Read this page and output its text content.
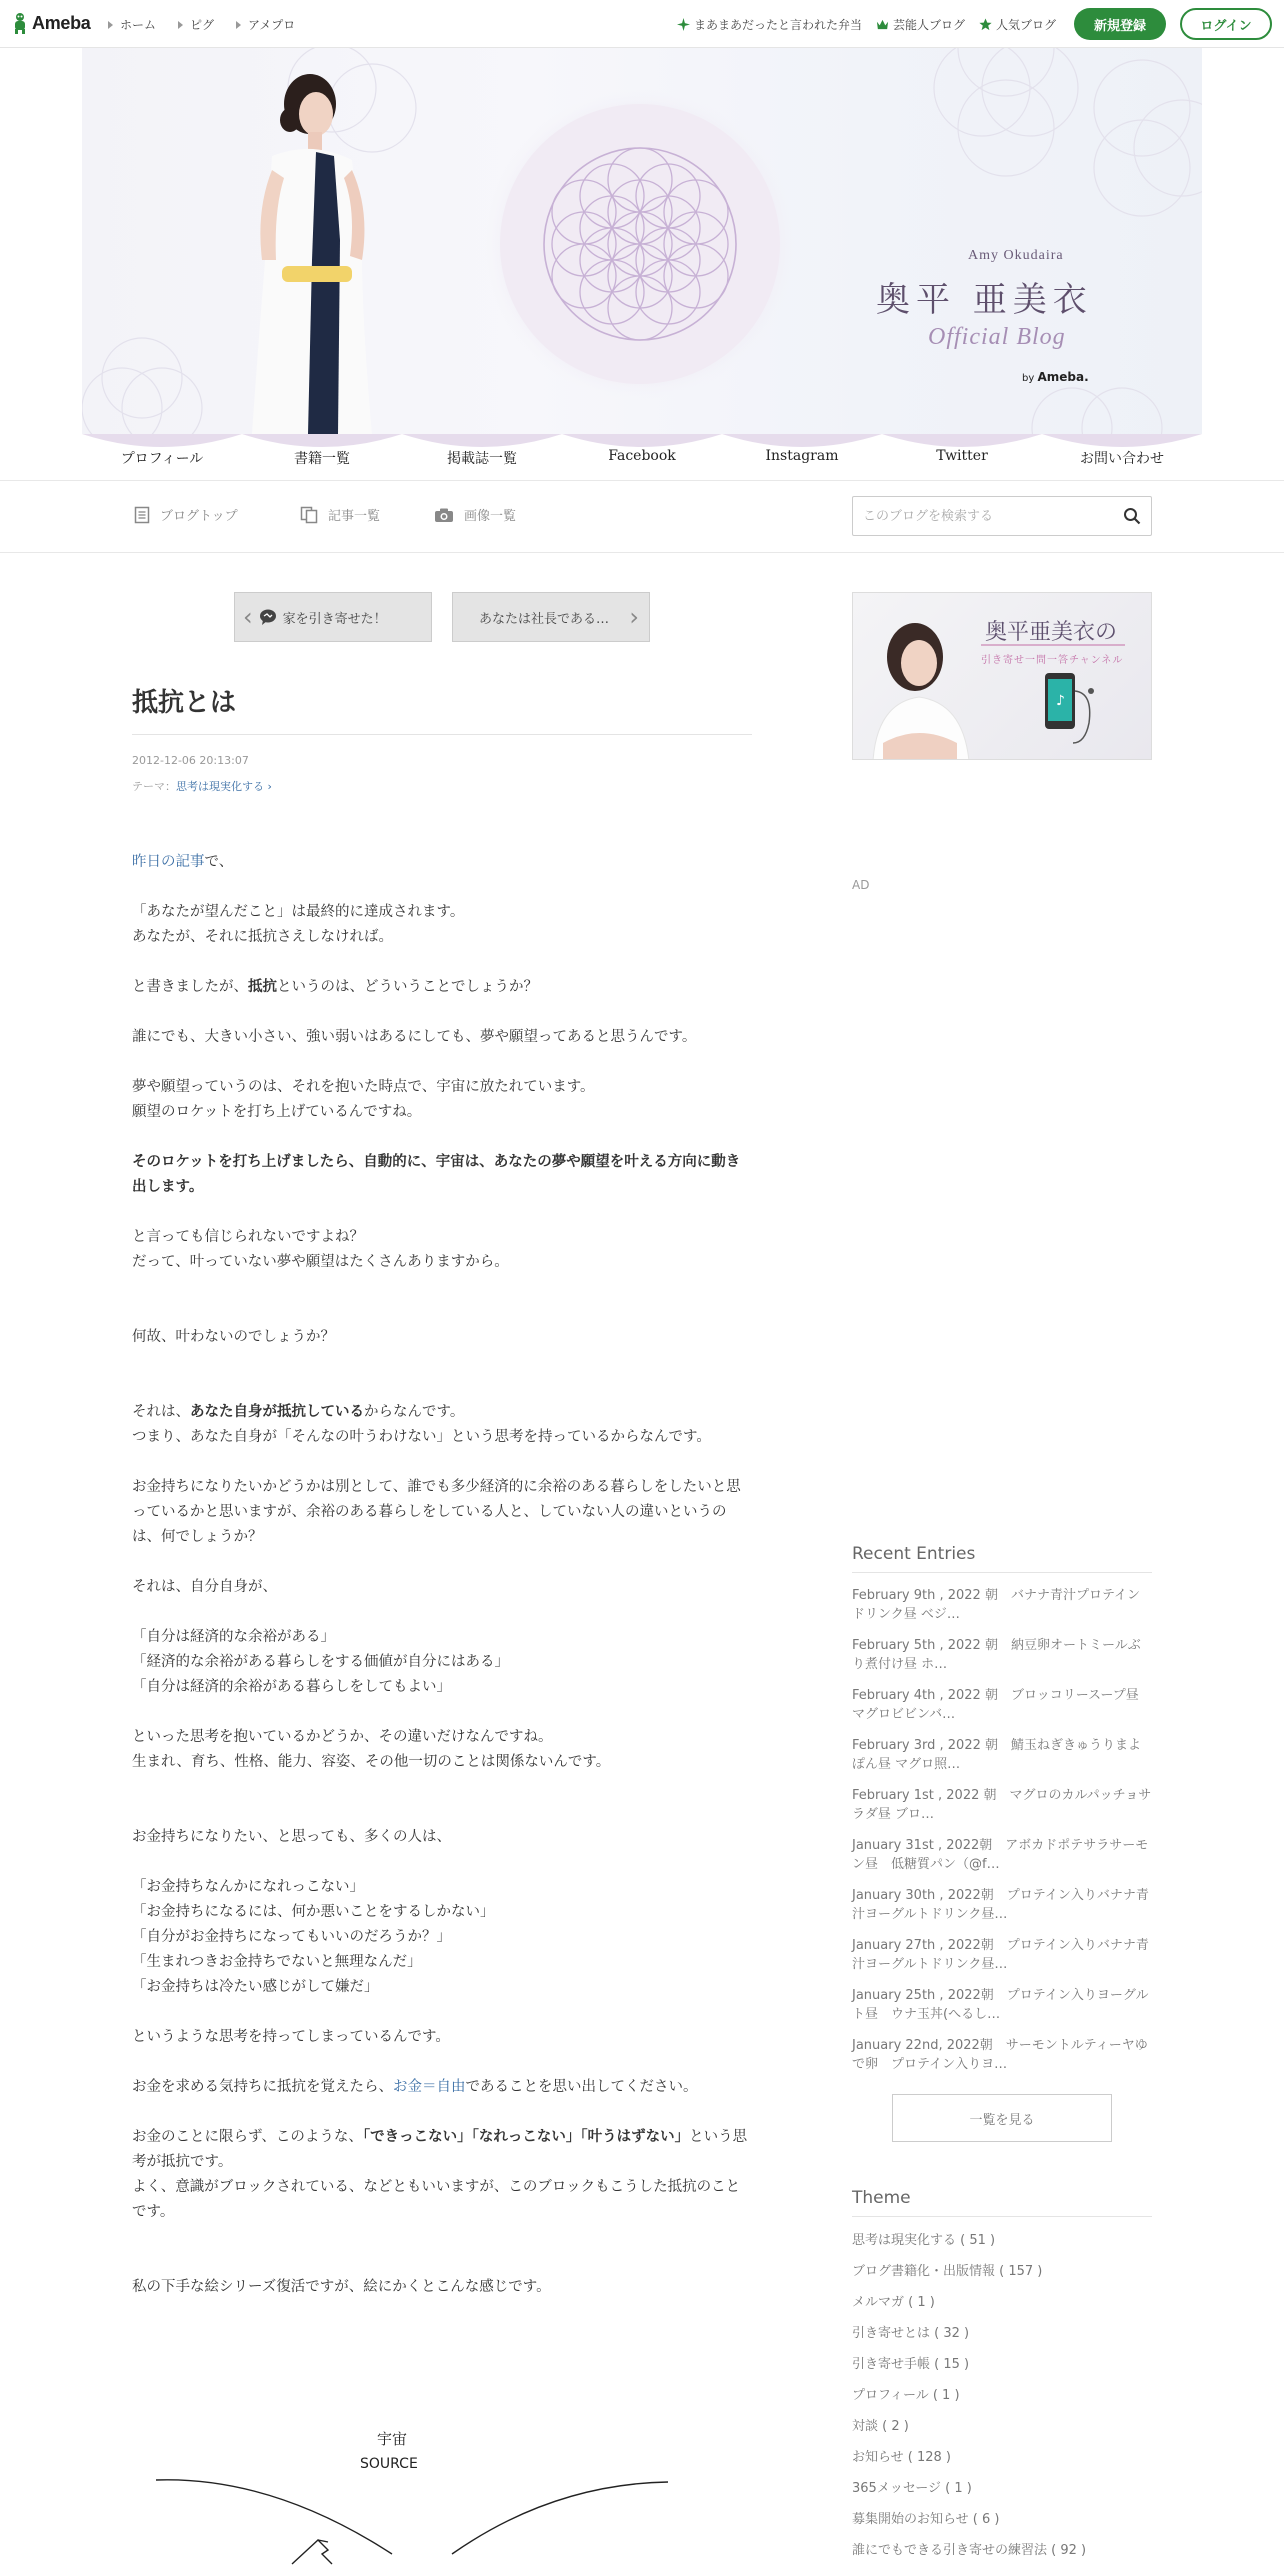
Ameba ホーム	ピグ	アメプロ	まあまあだったと言われた弁当	芸能人ブログ	人気ブログ	新規登録	ログイン
Amy Okudaira
奥平 亜美衣
Official Blog
by Ameba.
プロフィール	書籍一覧	掲載誌一覧	Facebook	Instagram	Twitter	お問い合わせ
ブログトップ	記事一覧	画像一覧
このブログを検索する
‹ 家を引き寄せた！	あなたは社長である… ›
抵抗とは
2012-12-06 20:13:07
テーマ：思考は現実化する ›
昨日の記事で、
「あなたが望んだこと」は最終的に達成されます。
あなたが、それに抵抗さえしなければ。
と書きましたが、抵抗というのは、どういうことでしょうか？
誰にでも、大きい小さい、強い弱いはあるにしても、夢や願望ってあると思うんです。
夢や願望っていうのは、それを抱いた時点で、宇宙に放たれています。
願望のロケットを打ち上げているんですね。
そのロケットを打ち上げましたら、自動的に、宇宙は、あなたの夢や願望を叶える方向に動き出します。
と言っても信じられないですよね？
だって、叶っていない夢や願望はたくさんありますから。
何故、叶わないのでしょうか？
それは、あなた自身が抵抗しているからなんです。
つまり、あなた自身が「そんなの叶うわけない」という思考を持っているからなんです。
お金持ちになりたいかどうかは別として、誰でも多少経済的に余裕のある暮らしをしたいと思っているかと思いますが、余裕のある暮らしをしている人と、していない人の違いというのは、何でしょうか？
それは、自分自身が、
「自分は経済的な余裕がある」
「経済的な余裕がある暮らしをする価値が自分にはある」
「自分は経済的余裕がある暮らしをしてもよい」
といった思考を抱いているかどうか、その違いだけなんですね。
生まれ、育ち、性格、能力、容姿、その他一切のことは関係ないんです。
お金持ちになりたい、と思っても、多くの人は、
「お金持ちなんかになれっこない」
「お金持ちになるには、何か悪いことをするしかない」
「自分がお金持ちになってもいいのだろうか？」
「生まれつきお金持ちでないと無理なんだ」
「お金持ちは冷たい感じがして嫌だ」
というような思考を持ってしまっているんです。
お金を求める気持ちに抵抗を覚えたら、お金＝自由であることを思い出してください。
お金のことに限らず、このような、「できっこない」「なれっこない」「叶うはずない」という思考が抵抗です。
よく、意識がブロックされている、などともいいますが、このブロックもこうした抵抗のことです。
私の下手な絵シリーズ復活ですが、絵にかくとこんな感じです。
宇宙
SOURCE
♪
奥平亜美衣の
引き寄せ一問一答チャンネル
AD
Recent Entries
February 9th , 2022 朝　バナナ青汁プロテインドリンク昼 ベジ…
February 5th , 2022 朝　納豆卵オートミールぶり煮付け昼 ホ…
February 4th , 2022 朝　ブロッコリースープ昼 マグロビビンバ…
February 3rd , 2022 朝　鯖玉ねぎきゅうりまよぽん昼 マグロ照…
February 1st , 2022 朝　マグロのカルパッチョサラダ昼 ブロ…
January 31st , 2022朝　アボカドポテサラサーモン昼　低糖質パン（@f…
January 30th , 2022朝　プロテイン入りバナナ青汁ヨーグルトドリンク昼…
January 27th , 2022朝　プロテイン入りバナナ青汁ヨーグルトドリンク昼…
January 25th , 2022朝　プロテイン入りヨーグルト昼　ウナ玉丼(へるし…
January 22nd, 2022朝　サーモントルティーヤゆで卵　プロテイン入りヨ…
一覧を見る
Theme
思考は現実化する ( 51 )
ブログ書籍化・出版情報 ( 157 )
メルマガ ( 1 )
引き寄せとは ( 32 )
引き寄せ手帳 ( 15 )
プロフィール ( 1 )
対談 ( 2 )
お知らせ ( 128 )
365メッセージ ( 1 )
募集開始のお知らせ ( 6 )
誰にでもできる引き寄せの練習法 ( 92 )
